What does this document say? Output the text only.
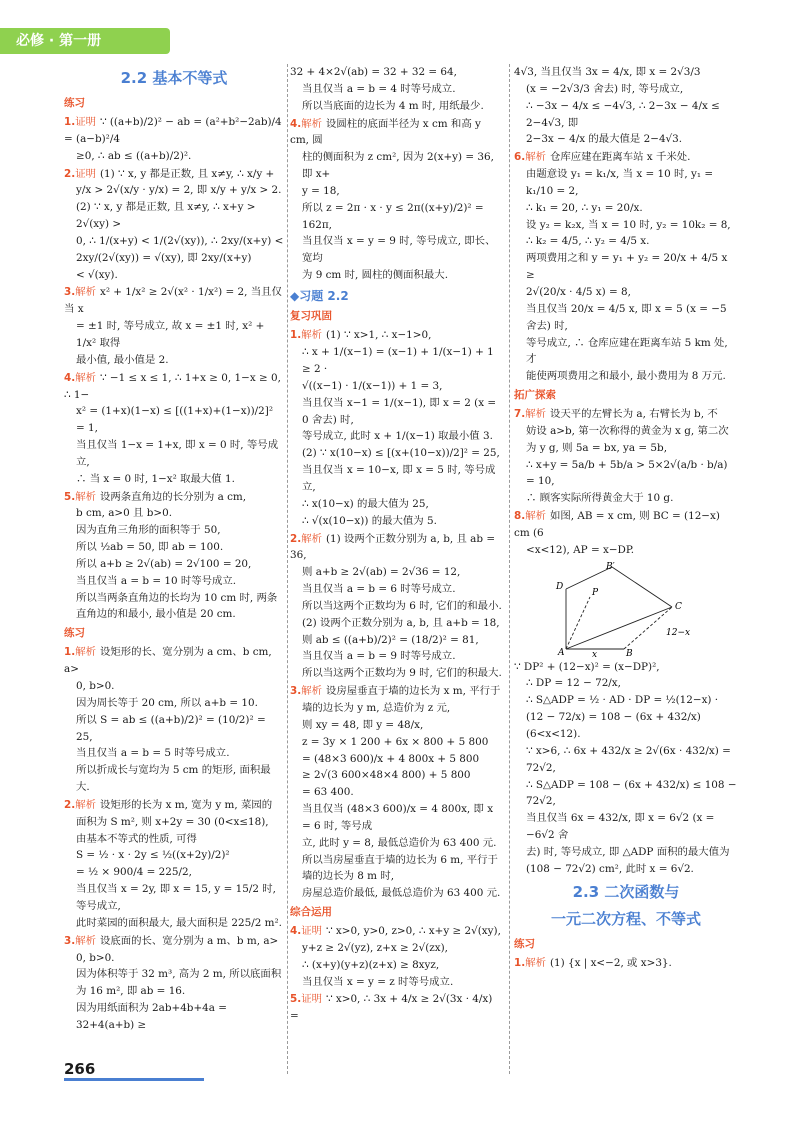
必修 · 第一册
2.2 基本不等式
练习
1.证明 ∵ ((a+b)/2)² − ab = (a²+b²−2ab)/4 = (a−b)²/4
≥0, ∴ ab ≤ ((a+b)/2)².
2.证明 (1) ∵ x, y 都是正数, 且 x≠y, ∴ x/y +
y/x > 2√(x/y · y/x) = 2, 即 x/y + y/x > 2.
(2) ∵ x, y 都是正数, 且 x≠y, ∴ x+y > 2√(xy) >
0, ∴ 1/(x+y) < 1/(2√(xy)), ∴ 2xy/(x+y) < 2xy/(2√(xy)) = √(xy), 即 2xy/(x+y)
< √(xy).
3.解析 x² + 1/x² ≥ 2√(x² · 1/x²) = 2, 当且仅当 x
= ±1 时, 等号成立, 故 x = ±1 时, x² + 1/x² 取得
最小值, 最小值是 2.
4.解析 ∵ −1 ≤ x ≤ 1, ∴ 1+x ≥ 0, 1−x ≥ 0, ∴ 1−
x² = (1+x)(1−x) ≤ [((1+x)+(1−x))/2]² = 1,
当且仅当 1−x = 1+x, 即 x = 0 时, 等号成立,
∴ 当 x = 0 时, 1−x² 取最大值 1.
5.解析 设两条直角边的长分别为 a cm,
b cm, a>0 且 b>0.
因为直角三角形的面积等于 50,
所以 ½ab = 50, 即 ab = 100.
所以 a+b ≥ 2√(ab) = 2√100 = 20,
当且仅当 a = b = 10 时等号成立.
所以当两条直角边的长均为 10 cm 时, 两条
直角边的和最小, 最小值是 20 cm.
练习
1.解析 设矩形的长、宽分别为 a cm、b cm, a>
0, b>0.
因为周长等于 20 cm, 所以 a+b = 10.
所以 S = ab ≤ ((a+b)/2)² = (10/2)² = 25,
当且仅当 a = b = 5 时等号成立.
所以折成长与宽均为 5 cm 的矩形, 面积最大.
2.解析 设矩形的长为 x m, 宽为 y m, 菜园的
面积为 S m², 则 x+2y = 30 (0<x≤18),
由基本不等式的性质, 可得
S = ½ · x · 2y ≤ ½((x+2y)/2)²
= ½ × 900/4 = 225/2,
当且仅当 x = 2y, 即 x = 15, y = 15/2 时, 等号成立,
此时菜园的面积最大, 最大面积是 225/2 m².
3.解析 设底面的长、宽分别为 a m、b m, a>
0, b>0.
因为体积等于 32 m³, 高为 2 m, 所以底面积
为 16 m², 即 ab = 16.
因为用纸面积为 2ab+4b+4a = 32+4(a+b) ≥
32 + 4×2√(ab) = 32 + 32 = 64,
当且仅当 a = b = 4 时等号成立.
所以当底面的边长为 4 m 时, 用纸最少.
4.解析 设圆柱的底面半径为 x cm 和高 y cm, 圆
柱的侧面积为 z cm², 因为 2(x+y) = 36, 即 x+
y = 18,
所以 z = 2π · x · y ≤ 2π((x+y)/2)² = 162π,
当且仅当 x = y = 9 时, 等号成立, 即长、宽均
为 9 cm 时, 圆柱的侧面积最大.
◆习题 2.2
复习巩固
1.解析 (1) ∵ x>1, ∴ x−1>0,
∴ x + 1/(x−1) = (x−1) + 1/(x−1) + 1 ≥ 2 ·
√((x−1) · 1/(x−1)) + 1 = 3,
当且仅当 x−1 = 1/(x−1), 即 x = 2 (x = 0 舍去) 时,
等号成立, 此时 x + 1/(x−1) 取最小值 3.
(2) ∵ x(10−x) ≤ [(x+(10−x))/2]² = 25,
当且仅当 x = 10−x, 即 x = 5 时, 等号成立,
∴ x(10−x) 的最大值为 25,
∴ √(x(10−x)) 的最大值为 5.
2.解析 (1) 设两个正数分别为 a, b, 且 ab = 36,
则 a+b ≥ 2√(ab) = 2√36 = 12,
当且仅当 a = b = 6 时等号成立.
所以当这两个正数均为 6 时, 它们的和最小.
(2) 设两个正数分别为 a, b, 且 a+b = 18,
则 ab ≤ ((a+b)/2)² = (18/2)² = 81,
当且仅当 a = b = 9 时等号成立.
所以当这两个正数均为 9 时, 它们的积最大.
3.解析 设房屋垂直于墙的边长为 x m, 平行于
墙的边长为 y m, 总造价为 z 元,
则 xy = 48, 即 y = 48/x,
z = 3y × 1 200 + 6x × 800 + 5 800
= (48×3 600)/x + 4 800x + 5 800
≥ 2√(3 600×48×4 800) + 5 800
= 63 400.
当且仅当 (48×3 600)/x = 4 800x, 即 x = 6 时, 等号成
立, 此时 y = 8, 最低总造价为 63 400 元.
所以当房屋垂直于墙的边长为 6 m, 平行于墙的边长为 8 m 时,
房屋总造价最低, 最低总造价为 63 400 元.
综合运用
4.证明 ∵ x>0, y>0, z>0, ∴ x+y ≥ 2√(xy),
y+z ≥ 2√(yz), z+x ≥ 2√(zx),
∴ (x+y)(y+z)(z+x) ≥ 8xyz,
当且仅当 x = y = z 时等号成立.
5.证明 ∵ x>0, ∴ 3x + 4/x ≥ 2√(3x · 4/x) =
4√3, 当且仅当 3x = 4/x, 即 x = 2√3/3
(x = −2√3/3 舍去) 时, 等号成立,
∴ −3x − 4/x ≤ −4√3, ∴ 2−3x − 4/x ≤ 2−4√3, 即
2−3x − 4/x 的最大值是 2−4√3.
6.解析 仓库应建在距离车站 x 千米处.
由题意设 y₁ = k₁/x, 当 x = 10 时, y₁ = k₁/10 = 2,
∴ k₁ = 20, ∴ y₁ = 20/x.
设 y₂ = k₂x, 当 x = 10 时, y₂ = 10k₂ = 8,
∴ k₂ = 4/5, ∴ y₂ = 4/5 x.
两项费用之和 y = y₁ + y₂ = 20/x + 4/5 x ≥
2√(20/x · 4/5 x) = 8,
当且仅当 20/x = 4/5 x, 即 x = 5 (x = −5 舍去) 时,
等号成立, ∴ 仓库应建在距离车站 5 km 处, 才
能使两项费用之和最小, 最小费用为 8 万元.
拓广探索
7.解析 设天平的左臂长为 a, 右臂长为 b, 不
妨设 a>b, 第一次称得的黄金为 x g, 第二次
为 y g, 则 5a = bx, ya = 5b,
∴ x+y = 5a/b + 5b/a > 5×2√(a/b · b/a) = 10,
∴ 顾客实际所得黄金大于 10 g.
8.解析 如图, AB = x cm, 则 BC = (12−x) cm (6
<x<12), AP = x−DP.
A	B
C
D
B′
P
x
12−x
∵ DP² + (12−x)² = (x−DP)²,
∴ DP = 12 − 72/x,
∴ S△ADP = ½ · AD · DP = ½(12−x) ·
(12 − 72/x) = 108 − (6x + 432/x) (6<x<12).
∵ x>6, ∴ 6x + 432/x ≥ 2√(6x · 432/x) = 72√2,
∴ S△ADP = 108 − (6x + 432/x) ≤ 108 − 72√2,
当且仅当 6x = 432/x, 即 x = 6√2 (x = −6√2 舍
去) 时, 等号成立, 即 △ADP 面积的最大值为
(108 − 72√2) cm², 此时 x = 6√2.
2.3 二次函数与
一元二次方程、不等式
练习
1.解析 (1) {x | x<−2, 或 x>3}.
266
